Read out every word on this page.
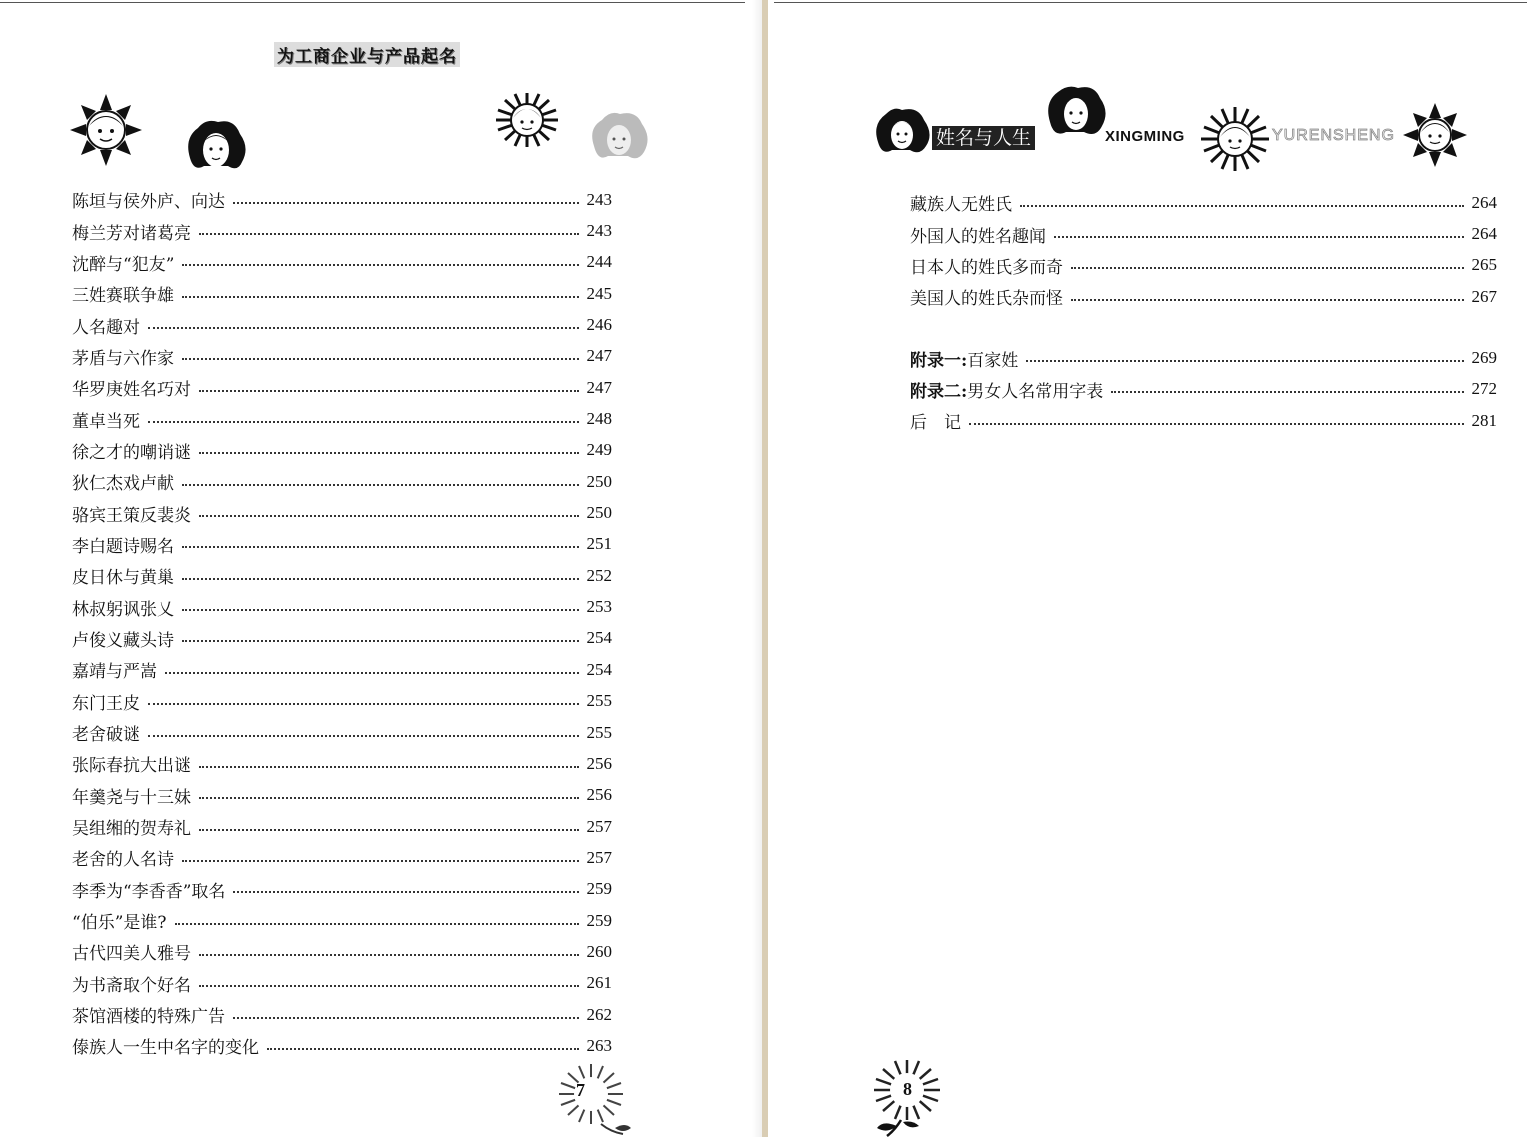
为工商企业与产品起名
陈垣与侯外庐、向达	243
梅兰芳对诸葛亮	243
沈醉与“犯友”	244
三姓赛联争雄	245
人名趣对	246
茅盾与六作家	247
华罗庚姓名巧对	247
董卓当死	248
徐之才的嘲诮谜	249
狄仁杰戏卢献	250
骆宾王策反裴炎	250
李白题诗赐名	251
皮日休与黄巢	252
林叔躬讽张乂	253
卢俊义藏头诗	254
嘉靖与严嵩	254
东门王皮	255
老舍破谜	255
张际春抗大出谜	256
年羹尧与十三妹	256
吴组缃的贺寿礼	257
老舍的人名诗	257
李季为“李香香”取名	259
“伯乐”是谁?	259
古代四美人雅号	260
为书斋取个好名	261
茶馆酒楼的特殊广告	262
傣族人一生中名字的变化	263
7
姓名与人生	XINGMING	YURENSHENG
藏族人无姓氏	264
外国人的姓名趣闻	264
日本人的姓氏多而奇	265
美国人的姓氏杂而怪	267
附录一:百家姓	269
附录二:男女人名常用字表	272
后　记	281
8
